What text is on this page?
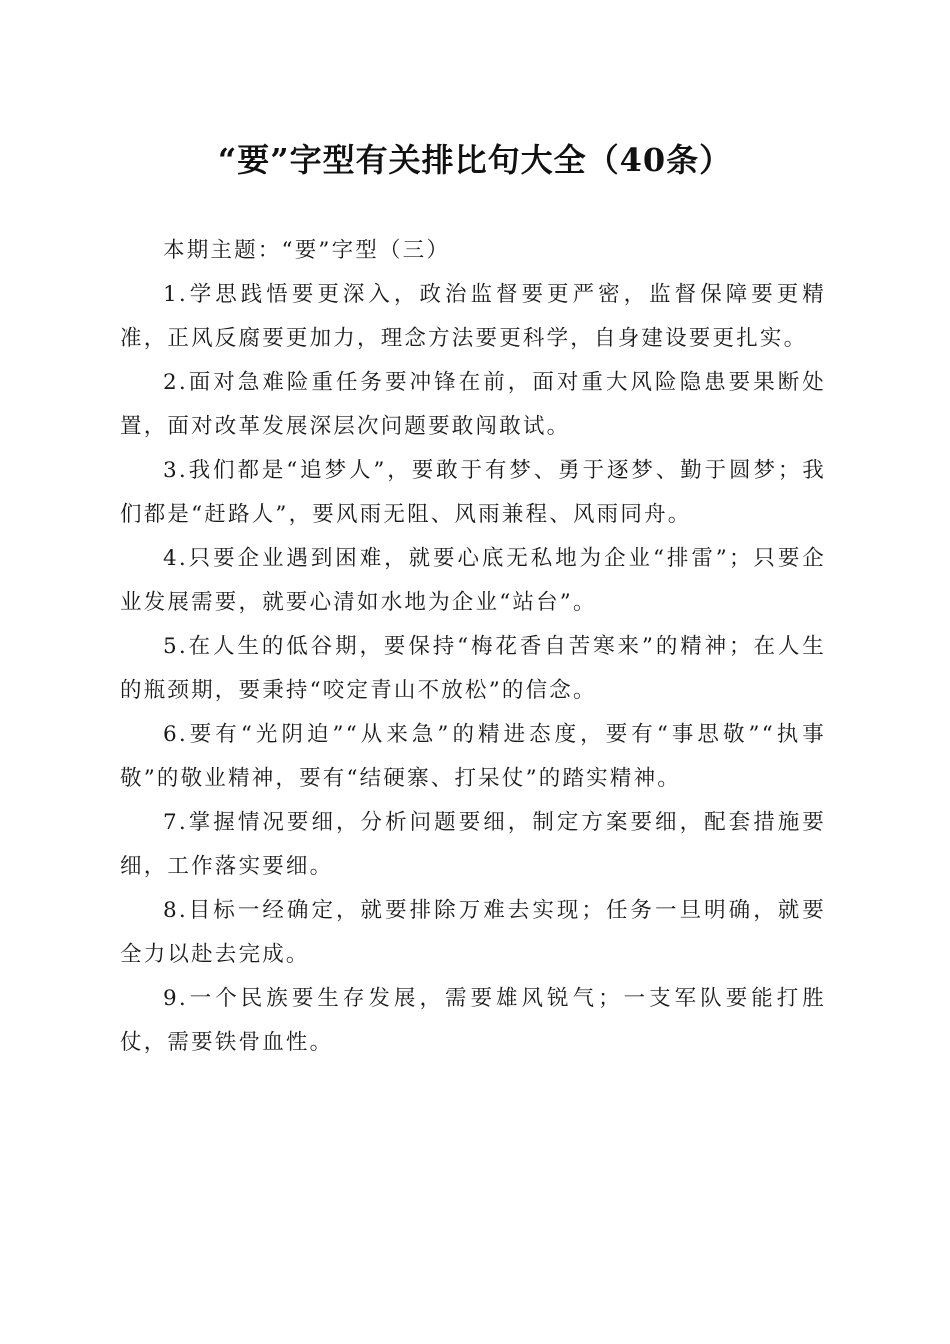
“要”字型有关排比句大全（40条）

本期主题：“要”字型（三）

1.学思践悟要更深入，政治监督要更严密，监督保障要更精准，正风反腐要更加力，理念方法要更科学，自身建设要更扎实。

2.面对急难险重任务要冲锋在前，面对重大风险隐患要果断处置，面对改革发展深层次问题要敢闯敢试。

3.我们都是“追梦人”，要敢于有梦、勇于逐梦、勤于圆梦；我们都是“赶路人”，要风雨无阻、风雨兼程、风雨同舟。

4.只要企业遇到困难，就要心底无私地为企业“排雷”；只要企业发展需要，就要心清如水地为企业“站台”。

5.在人生的低谷期，要保持“梅花香自苦寒来”的精神；在人生的瓶颈期，要秉持“咬定青山不放松”的信念。

6.要有“光阴迫”“从来急”的精进态度，要有“事思敬”“执事敬”的敬业精神，要有“结硬寨、打呆仗”的踏实精神。

7.掌握情况要细，分析问题要细，制定方案要细，配套措施要细，工作落实要细。

8.目标一经确定，就要排除万难去实现；任务一旦明确，就要全力以赴去完成。

9.一个民族要生存发展，需要雄风锐气；一支军队要能打胜仗，需要铁骨血性。
